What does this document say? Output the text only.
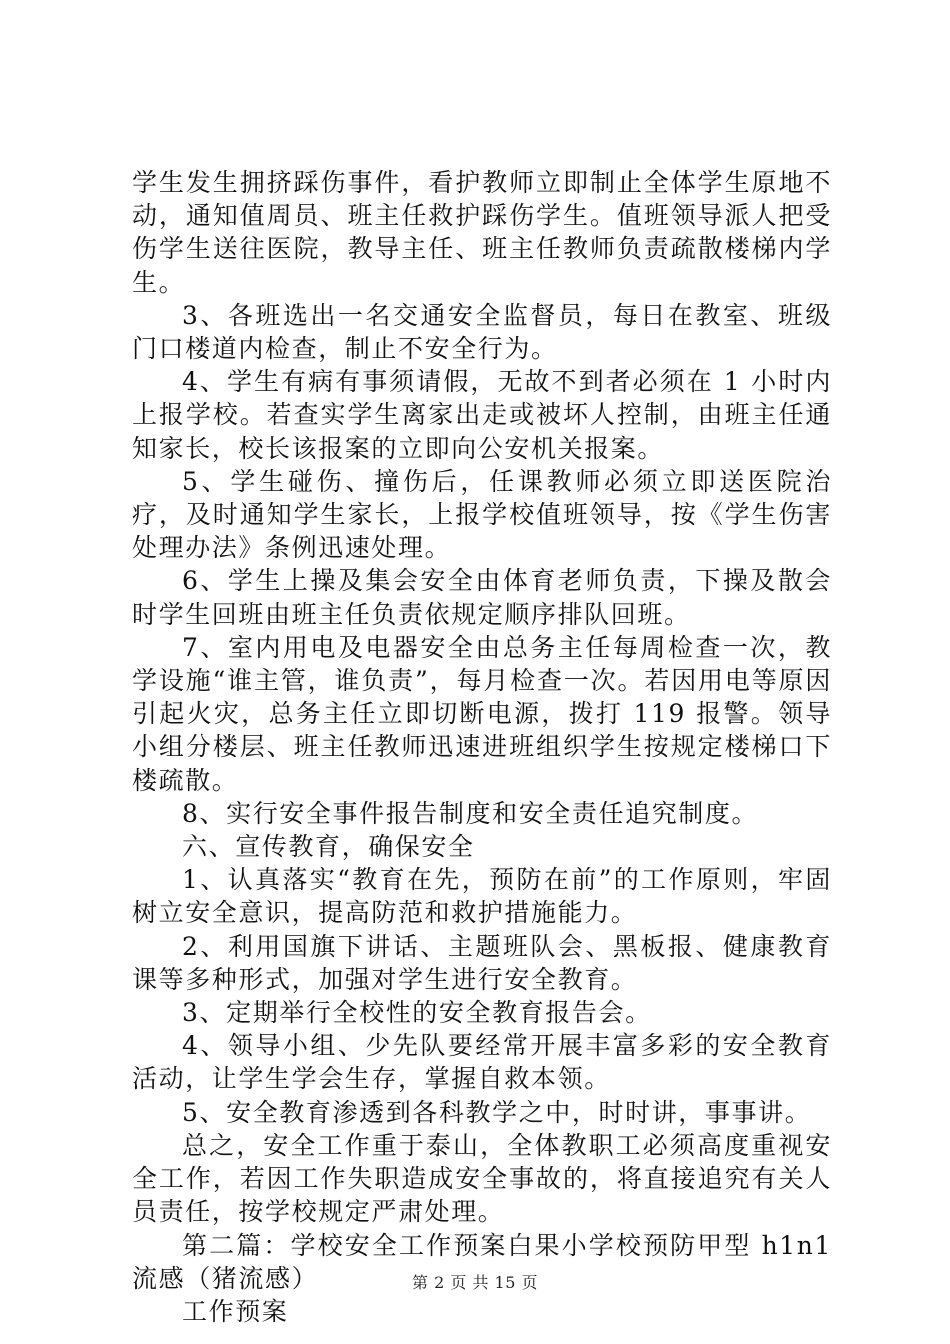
学生发生拥挤踩伤事件，看护教师立即制止全体学生原地不动，通知值周员、班主任救护踩伤学生。值班领导派人把受伤学生送往医院，教导主任、班主任教师负责疏散楼梯内学生。

3、各班选出一名交通安全监督员，每日在教室、班级门口楼道内检查，制止不安全行为。

4、学生有病有事须请假，无故不到者必须在 1 小时内上报学校。若查实学生离家出走或被坏人控制，由班主任通知家长，校长该报案的立即向公安机关报案。

5、学生碰伤、撞伤后，任课教师必须立即送医院治疗，及时通知学生家长，上报学校值班领导，按《学生伤害处理办法》条例迅速处理。

6、学生上操及集会安全由体育老师负责，下操及散会时学生回班由班主任负责依规定顺序排队回班。

7、室内用电及电器安全由总务主任每周检查一次，教学设施“谁主管，谁负责”，每月检查一次。若因用电等原因引起火灾，总务主任立即切断电源，拨打 119 报警。领导小组分楼层、班主任教师迅速进班组织学生按规定楼梯口下楼疏散。

8、实行安全事件报告制度和安全责任追究制度。

六、宣传教育，确保安全

1、认真落实“教育在先，预防在前”的工作原则，牢固树立安全意识，提高防范和救护措施能力。

2、利用国旗下讲话、主题班队会、黑板报、健康教育课等多种形式，加强对学生进行安全教育。

3、定期举行全校性的安全教育报告会。

4、领导小组、少先队要经常开展丰富多彩的安全教育活动，让学生学会生存，掌握自救本领。

5、安全教育渗透到各科教学之中，时时讲，事事讲。

总之，安全工作重于泰山，全体教职工必须高度重视安全工作，若因工作失职造成安全事故的，将直接追究有关人员责任，按学校规定严肃处理。

第二篇：学校安全工作预案白果小学校预防甲型 h1n1 流感（猪流感）

工作预案

第 2 页 共 15 页
